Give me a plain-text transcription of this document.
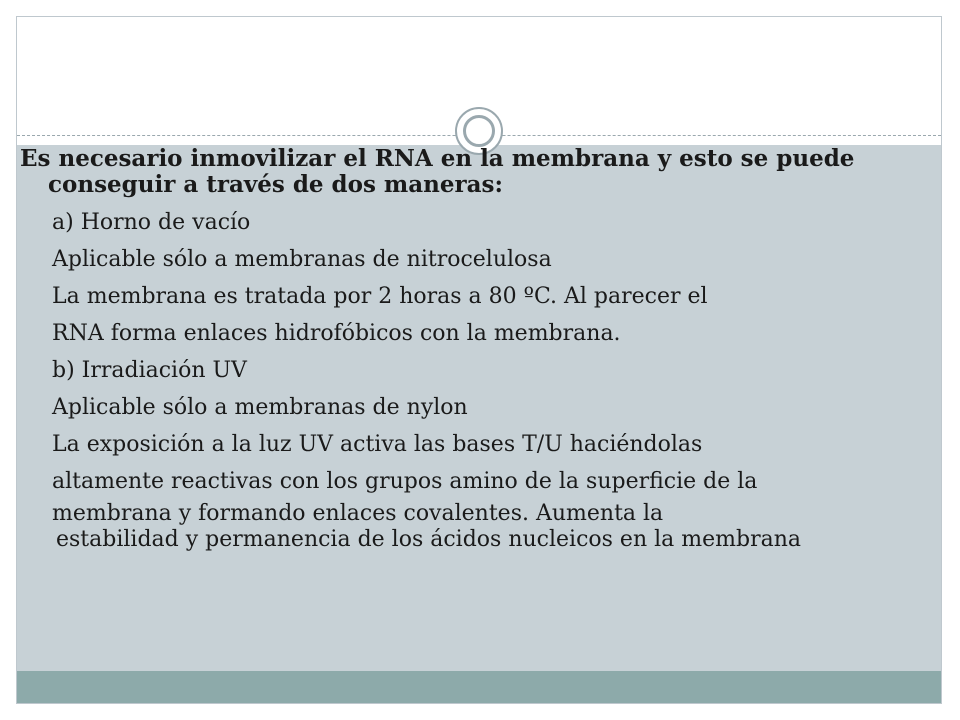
Es necesario inmovilizar el RNA en la membrana y esto se puede conseguir a través de dos maneras:

a) Horno de vacío

Aplicable sólo a membranas de nitrocelulosa

La membrana es tratada por 2 horas a 80 ºC. Al parecer el

RNA forma enlaces hidrofóbicos con la membrana.

b) Irradiación UV

Aplicable sólo a membranas de nylon

La exposición a la luz UV activa las bases T/U haciéndolas

altamente reactivas con los grupos amino de la superficie de la

membrana y formando enlaces covalentes. Aumenta la
estabilidad y permanencia de los ácidos nucleicos en la membrana
